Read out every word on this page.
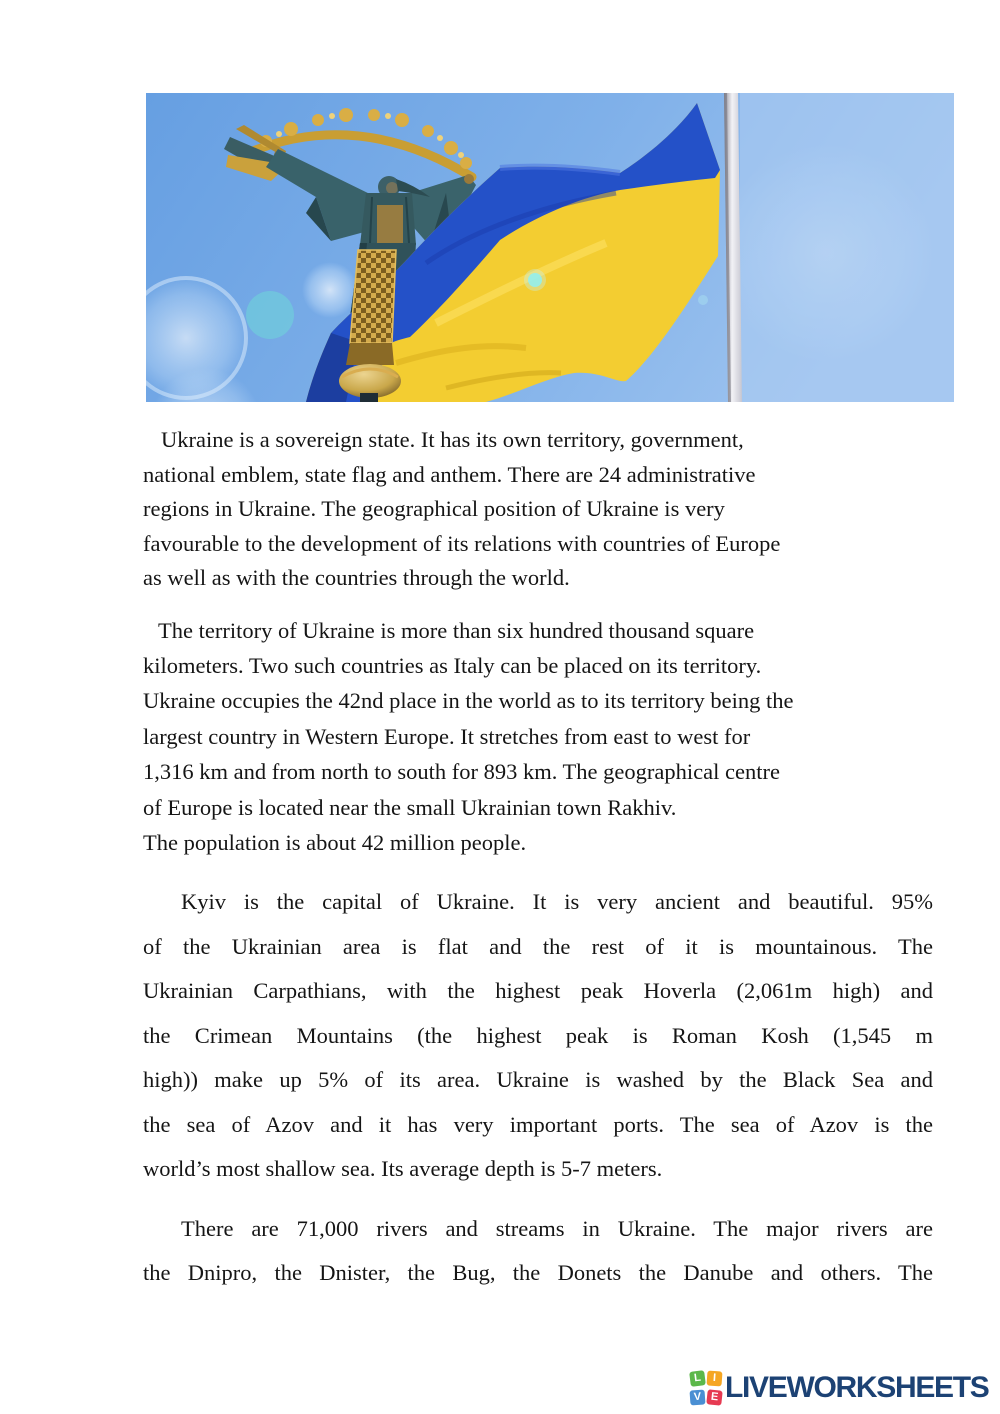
Ukraine is a sovereign state. It has its own territory, government,
national emblem, state flag and anthem. There are 24 administrative
regions in Ukraine. The geographical position of Ukraine is very
favourable to the development of its relations with countries of Europe
as well as with the countries through the world.
The territory of Ukraine is more than six hundred thousand square
kilometers. Two such countries as Italy can be placed on its territory.
Ukraine occupies the 42nd place in the world as to its territory being the
largest country in Western Europe. It stretches from east to west for
1,316 km and from north to south for 893 km. The geographical centre
of Europe is located near the small Ukrainian town Rakhiv.
The population is about 42 million people.
Kyiv is the capital of Ukraine. It is very ancient and beautiful. 95%
of the Ukrainian area is flat and the rest of it is mountainous. The
Ukrainian Carpathians, with the highest peak Hoverla (2,061m high) and
the Crimean Mountains (the highest peak is Roman Kosh (1,545 m
high)) make up 5% of its area. Ukraine is washed by the Black Sea and
the sea of Azov and it has very important ports. The sea of Azov is the
world’s most shallow sea. Its average depth is 5-7 meters.
There are 71,000 rivers and streams in Ukraine. The major rivers are
the Dnipro, the Dnister, the Bug, the Donets the Danube and others. The
L	I
V E LIVEWORKSHEETS
